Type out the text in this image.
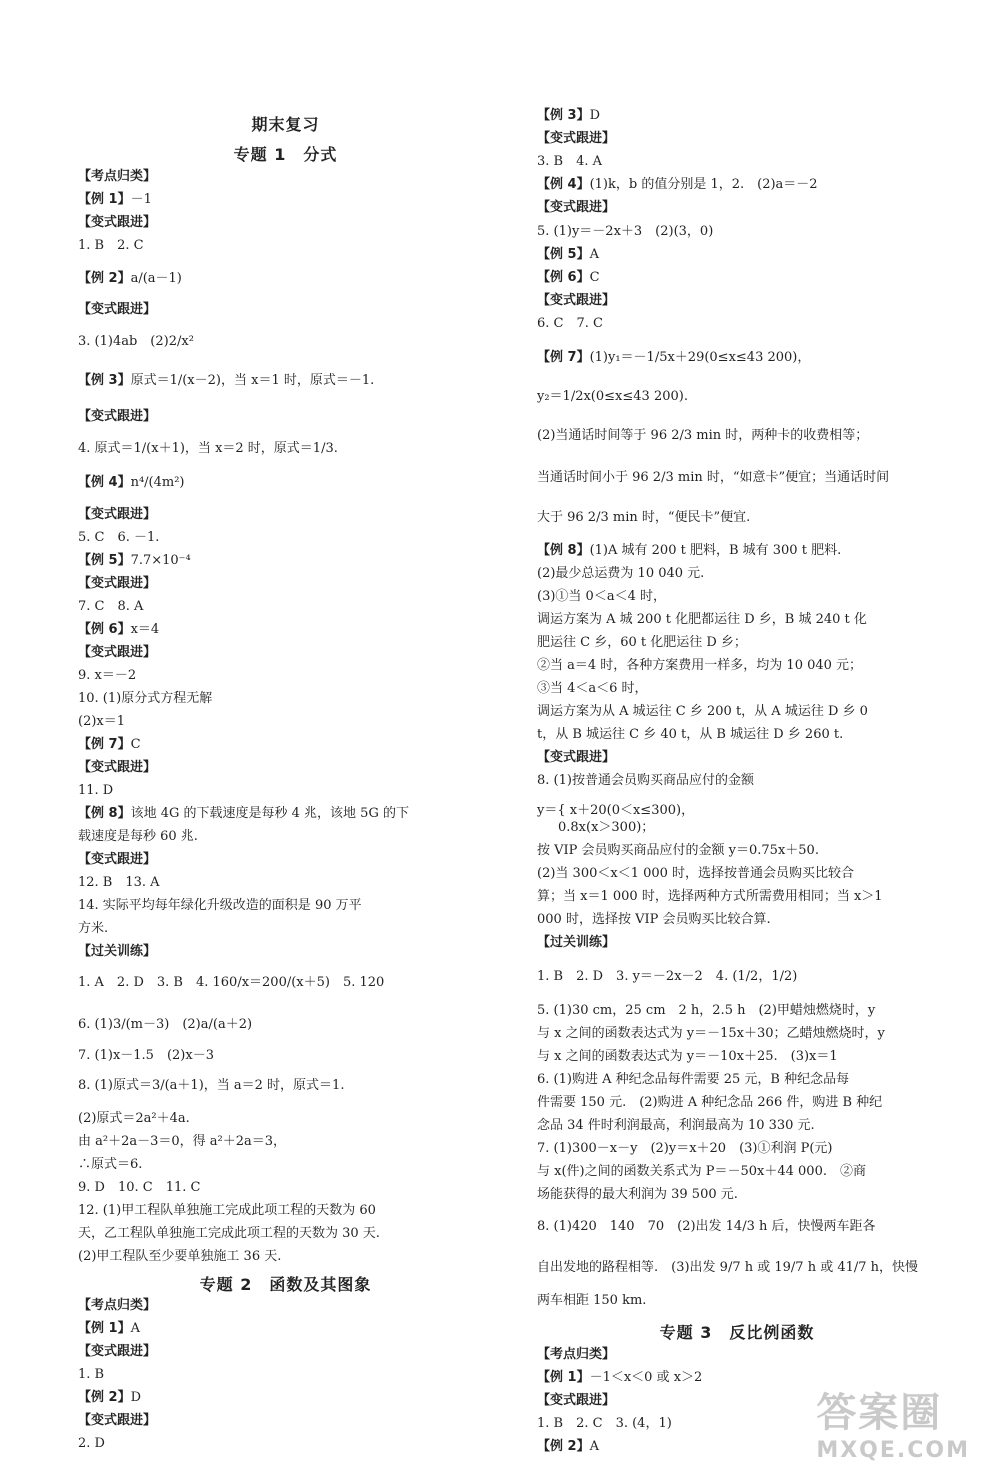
期末复习
专题 1　分式
【考点归类】
【例 1】－1
【变式跟进】
1. B　2. C
【例 2】a/(a－1)
【变式跟进】
3. (1)4ab　(2)2/x²
【例 3】原式＝1/(x－2)，当 x＝1 时，原式＝－1.
【变式跟进】
4. 原式＝1/(x＋1)，当 x＝2 时，原式＝1/3.
【例 4】n⁴/(4m²)
【变式跟进】
5. C　6. －1.
【例 5】7.7×10⁻⁴
【变式跟进】
7. C　8. A
【例 6】x＝4
【变式跟进】
9. x＝－2
10. (1)原分式方程无解
(2)x＝1
【例 7】C
【变式跟进】
11. D
【例 8】该地 4G 的下载速度是每秒 4 兆，该地 5G 的下
载速度是每秒 60 兆.
【变式跟进】
12. B　13. A
14. 实际平均每年绿化升级改造的面积是 90 万平
方米.
【过关训练】
1. A　2. D　3. B　4. 160/x＝200/(x＋5)　5. 120
6. (1)3/(m－3)　(2)a/(a＋2)
7. (1)x－1.5　(2)x－3
8. (1)原式＝3/(a＋1)，当 a＝2 时，原式＝1.
(2)原式＝2a²＋4a.
由 a²＋2a－3＝0，得 a²＋2a＝3，
∴原式＝6.
9. D　10. C　11. C
12. (1)甲工程队单独施工完成此项工程的天数为 60
天，乙工程队单独施工完成此项工程的天数为 30 天.
(2)甲工程队至少要单独施工 36 天.
专题 2　函数及其图象
【考点归类】
【例 1】A
【变式跟进】
1. B
【例 2】D
【变式跟进】
2. D
【例 3】D
【变式跟进】
3. B　4. A
【例 4】(1)k，b 的值分别是 1，2.　(2)a＝－2
【变式跟进】
5. (1)y＝－2x＋3　(2)(3，0)
【例 5】A
【例 6】C
【变式跟进】
6. C　7. C
【例 7】(1)y₁＝－1/5x＋29(0≤x≤43 200)，
y₂＝1/2x(0≤x≤43 200).
(2)当通话时间等于 96 2/3 min 时，两种卡的收费相等；
当通话时间小于 96 2/3 min 时，“如意卡”便宜；当通话时间
大于 96 2/3 min 时，“便民卡”便宜.
【例 8】(1)A 城有 200 t 肥料，B 城有 300 t 肥料.
(2)最少总运费为 10 040 元.
(3)①当 0＜a＜4 时，
调运方案为 A 城 200 t 化肥都运往 D 乡，B 城 240 t 化
肥运往 C 乡，60 t 化肥运往 D 乡；
②当 a＝4 时，各种方案费用一样多，均为 10 040 元；
③当 4＜a＜6 时，
调运方案为从 A 城运往 C 乡 200 t，从 A 城运往 D 乡 0
t，从 B 城运往 C 乡 40 t，从 B 城运往 D 乡 260 t.
【变式跟进】
8. (1)按普通会员购买商品应付的金额
y＝{ x＋20(0＜x≤300)，
0.8x(x＞300)；
按 VIP 会员购买商品应付的金额 y＝0.75x＋50.
(2)当 300＜x＜1 000 时，选择按普通会员购买比较合
算；当 x＝1 000 时，选择两种方式所需费用相同；当 x＞1
000 时，选择按 VIP 会员购买比较合算.
【过关训练】
1. B　2. D　3. y＝－2x－2　4. (1/2，1/2)
5. (1)30 cm，25 cm　2 h，2.5 h　(2)甲蜡烛燃烧时，y
与 x 之间的函数表达式为 y＝－15x＋30；乙蜡烛燃烧时，y
与 x 之间的函数表达式为 y＝－10x＋25.　(3)x＝1
6. (1)购进 A 种纪念品每件需要 25 元，B 种纪念品每
件需要 150 元.　(2)购进 A 种纪念品 266 件，购进 B 种纪
念品 34 件时利润最高，利润最高为 10 330 元.
7. (1)300－x－y　(2)y＝x＋20　(3)①利润 P(元)
与 x(件)之间的函数关系式为 P＝－50x＋44 000.　②商
场能获得的最大利润为 39 500 元.
8. (1)420　140　70　(2)出发 14/3 h 后，快慢两车距各
自出发地的路程相等.　(3)出发 9/7 h 或 19/7 h 或 41/7 h，快慢
两车相距 150 km.
专题 3　反比例函数
【考点归类】
【例 1】－1＜x＜0 或 x＞2
【变式跟进】
1. B　2. C　3. (4，1)
【例 2】A
答案圈
MXQE.COM
